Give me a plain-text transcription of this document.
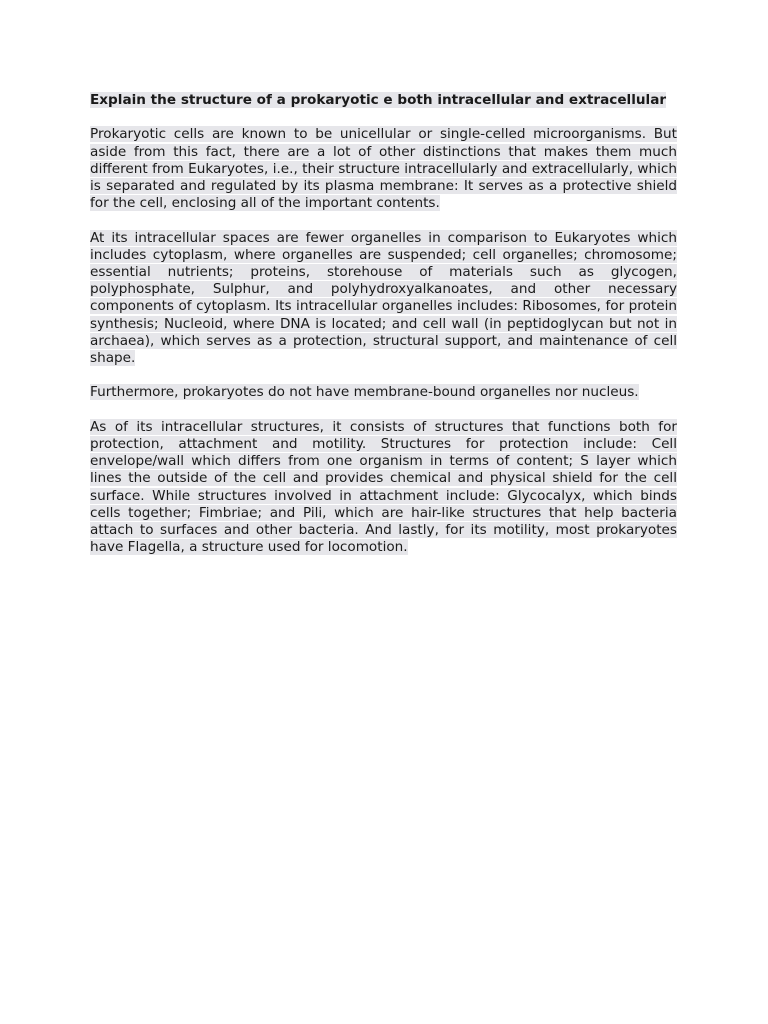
Explain the structure of a prokaryotic e both intracellular and extracellular

Prokaryotic cells are known to be unicellular or single-celled microorganisms. But aside from this fact, there are a lot of other distinctions that makes them much different from Eukaryotes, i.e., their structure intracellularly and extracellularly, which is separated and regulated by its plasma membrane: It serves as a protective shield for the cell, enclosing all of the important contents.

At its intracellular spaces are fewer organelles in comparison to Eukaryotes which includes cytoplasm, where organelles are suspended; cell organelles; chromosome; essential nutrients; proteins, storehouse of materials such as glycogen, polyphosphate, Sulphur, and polyhydroxyalkanoates, and other necessary components of cytoplasm. Its intracellular organelles includes: Ribosomes, for protein synthesis; Nucleoid, where DNA is located; and cell wall (in peptidoglycan but not in archaea), which serves as a protection, structural support, and maintenance of cell shape.

Furthermore, prokaryotes do not have membrane-bound organelles nor nucleus.

As of its intracellular structures, it consists of structures that functions both for protection, attachment and motility. Structures for protection include: Cell envelope/wall which differs from one organism in terms of content; S layer which lines the outside of the cell and provides chemical and physical shield for the cell surface. While structures involved in attachment include: Glycocalyx, which binds cells together; Fimbriae; and Pili, which are hair-like structures that help bacteria attach to surfaces and other bacteria. And lastly, for its motility, most prokaryotes have Flagella, a structure used for locomotion.
